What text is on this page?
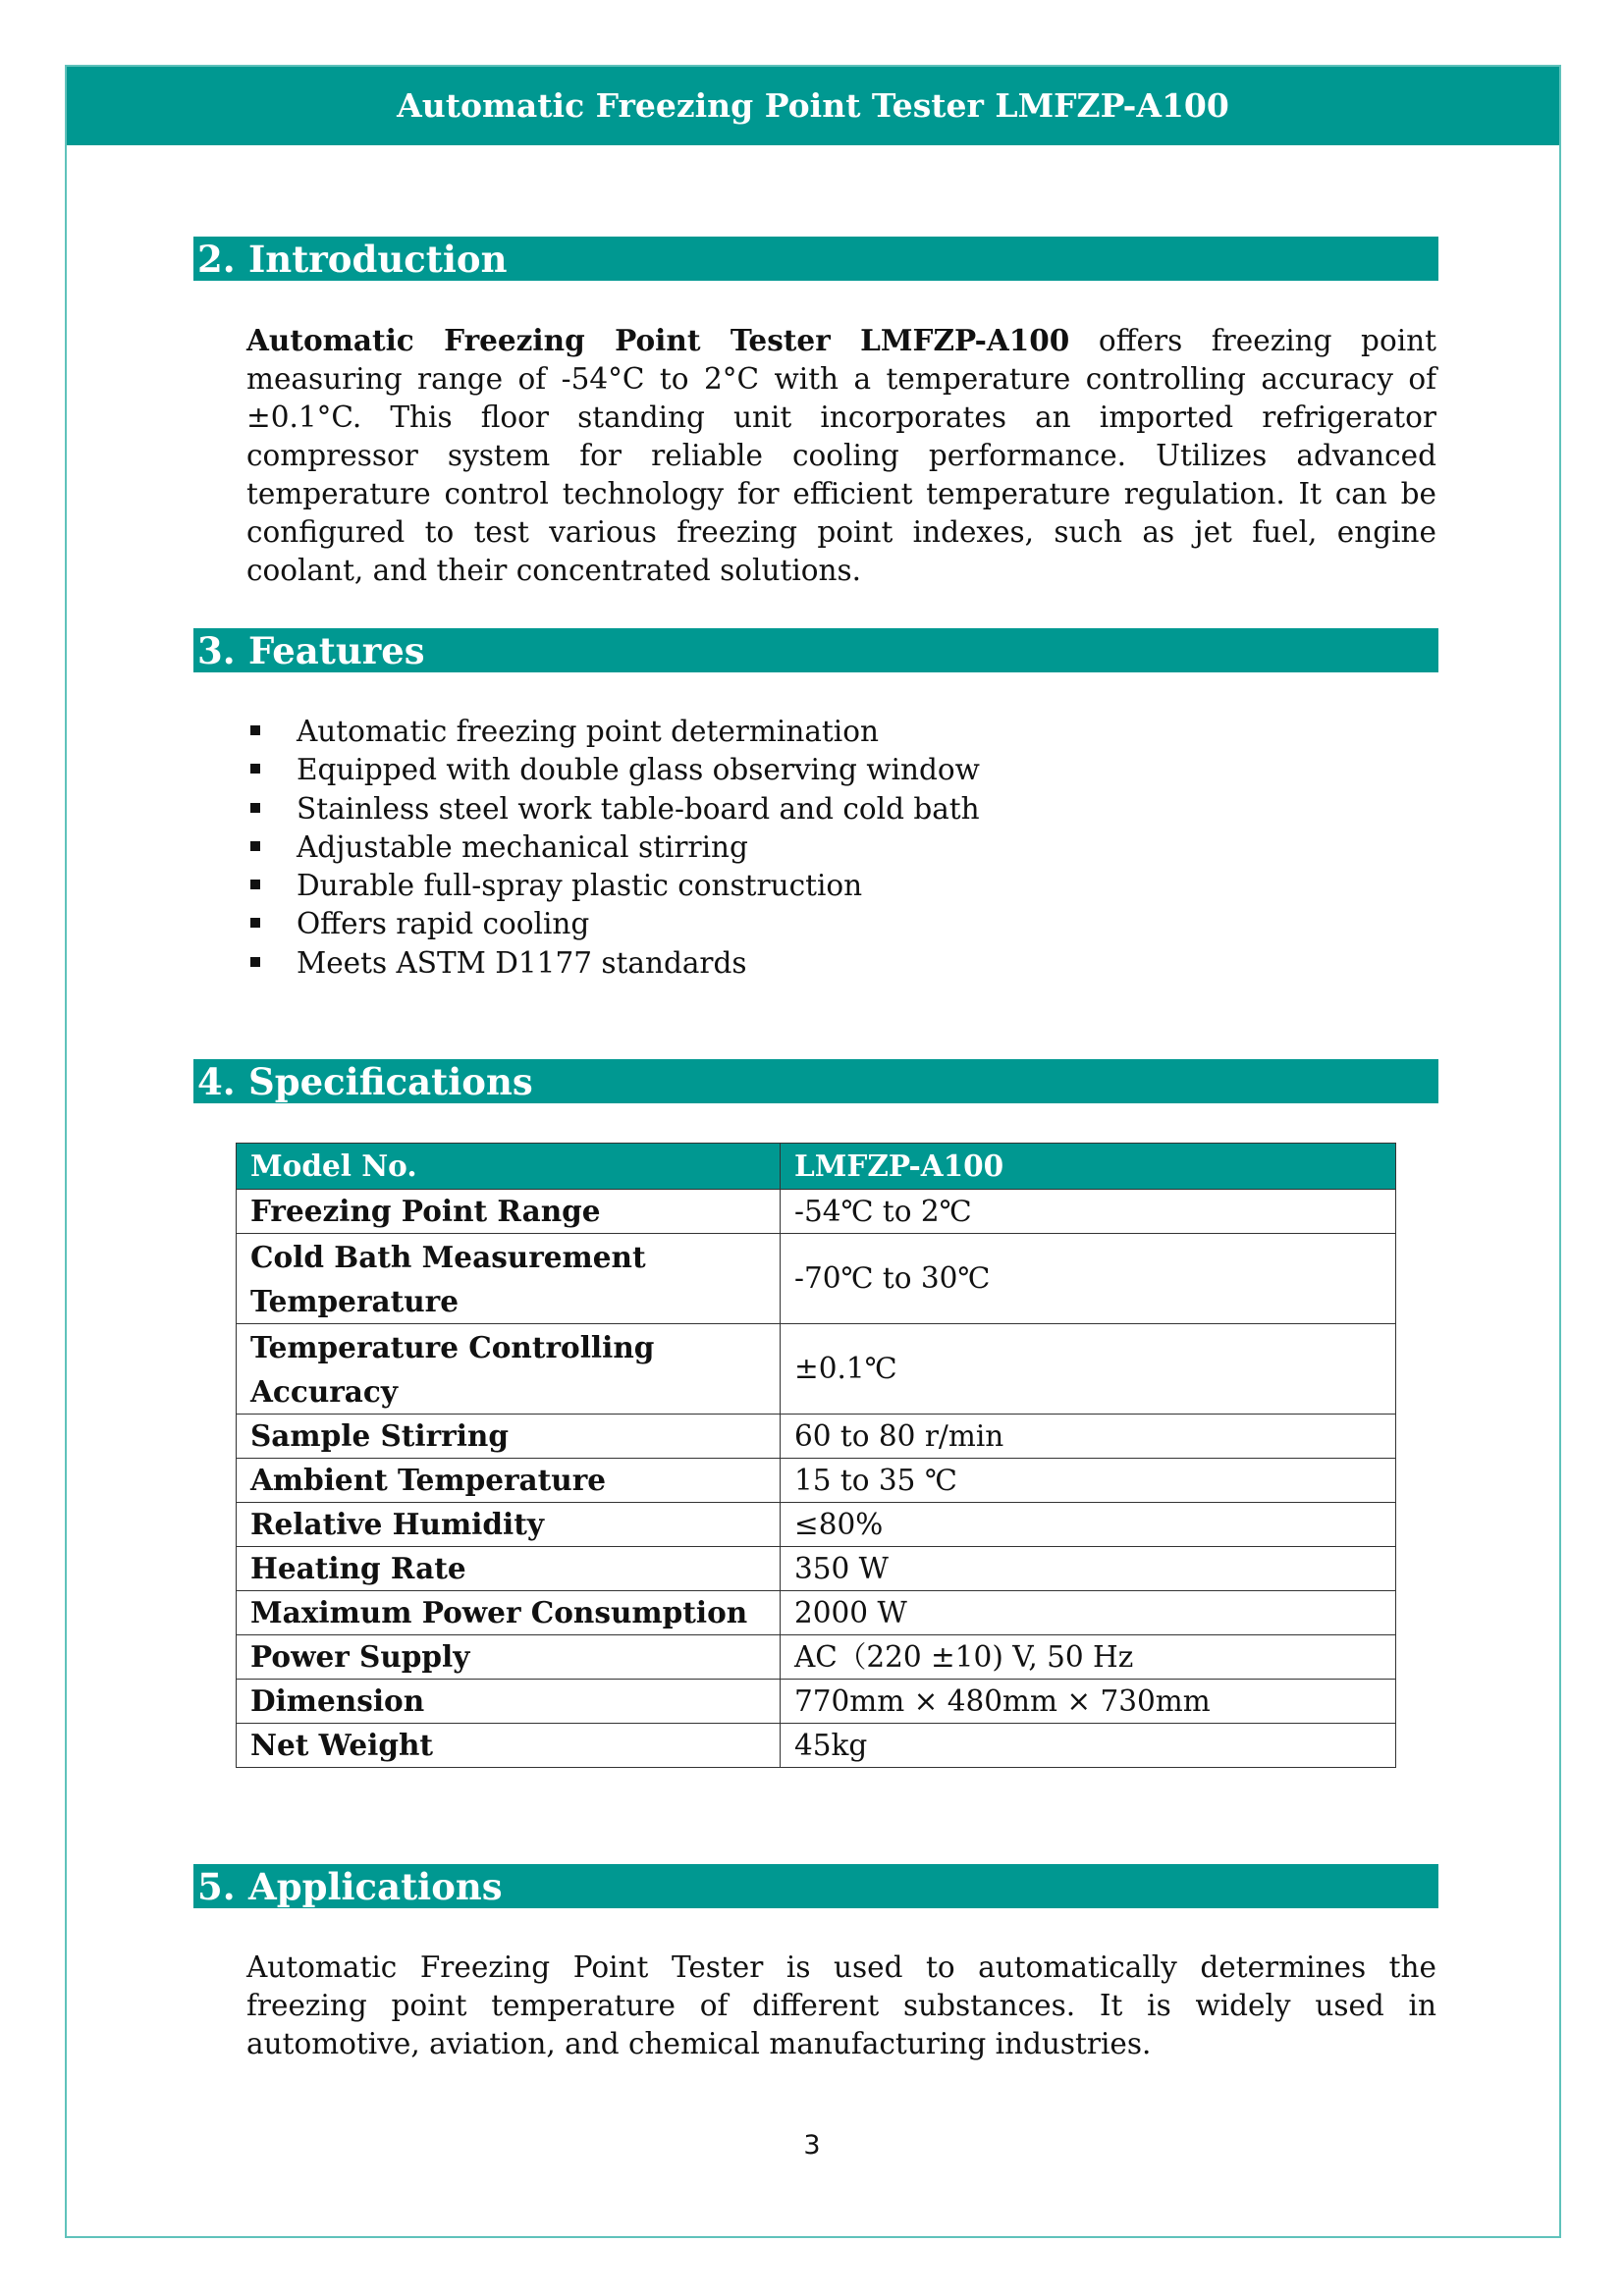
Automatic Freezing Point Tester LMFZP-A100
2. Introduction

Automatic Freezing Point Tester LMFZP-A100 offers freezing point measuring range of -54°C to 2°C with a temperature controlling accuracy of ±0.1°C. This floor standing unit incorporates an imported refrigerator compressor system for reliable cooling performance. Utilizes advanced temperature control technology for efficient temperature regulation. It can be configured to test various freezing point indexes, such as jet fuel, engine coolant, and their concentrated solutions.

3. Features
Automatic freezing point determination
Equipped with double glass observing window
Stainless steel work table-board and cold bath
Adjustable mechanical stirring
Durable full-spray plastic construction
Offers rapid cooling
Meets ASTM D1177 standards
4. Specifications
Model No.	LMFZP-A100
Freezing Point Range	-54℃ to 2℃
Cold Bath Measurement Temperature	-70℃ to 30℃
Temperature Controlling Accuracy	±0.1℃
Sample Stirring	60 to 80 r/min
Ambient Temperature	15 to 35 ℃
Relative Humidity	≤80%
Heating Rate	350 W
Maximum Power Consumption	2000 W
Power Supply	AC（220 ±10) V, 50 Hz
Dimension	770mm × 480mm × 730mm
Net Weight	45kg
5. Applications

Automatic Freezing Point Tester is used to automatically determines the freezing point temperature of different substances. It is widely used in automotive, aviation, and chemical manufacturing industries.

3
